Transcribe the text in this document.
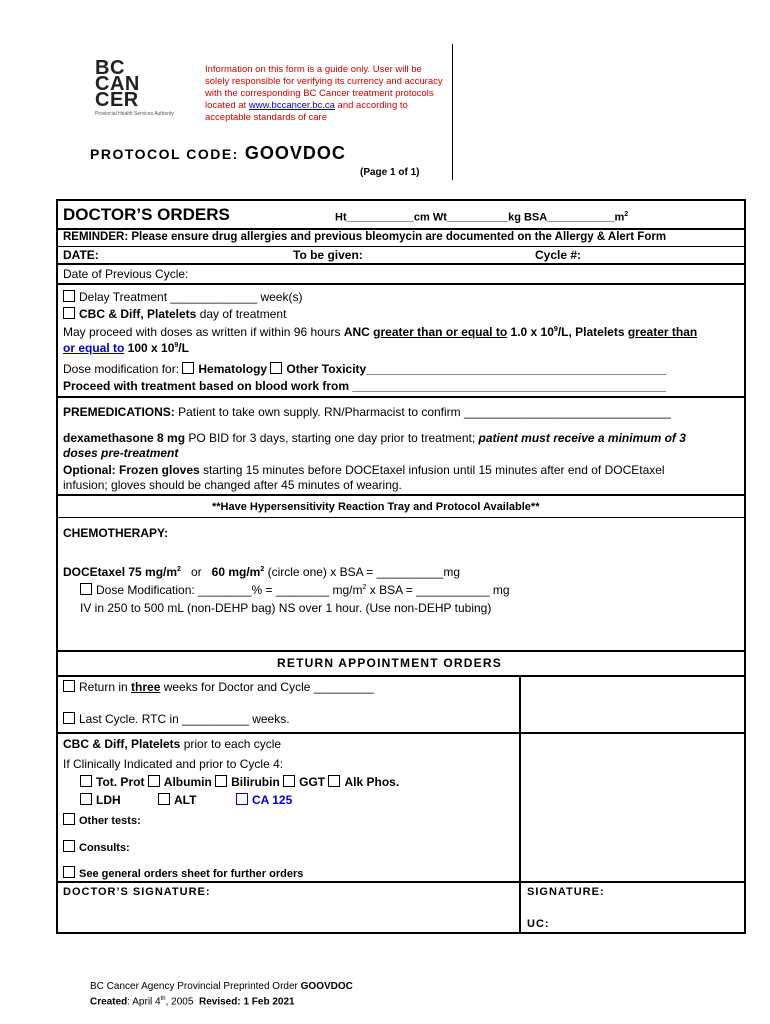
BC
CAN
CER
Provincial Health Services Authority
Information on this form is a guide only. User will be solely responsible for verifying its currency and accuracy with the corresponding BC Cancer treatment protocols located at www.bccancer.bc.ca and according to acceptable standards of care
PROTOCOL CODE: GOOVDOC
(Page 1 of 1)
DOCTOR’S ORDERS	Ht___________cm Wt__________kg $BSA\_\_\_\_\_\_\_\_\_\_\_m^2$
REMINDER: Please ensure drug allergies and previous bleomycin are documented on the Allergy & Alert Form
DATE:	To be given:	Cycle #:
Date of Previous Cycle:
Delay Treatment _____________ week(s)
CBC & Diff, Platelets day of treatment
May proceed with doses as written if within 96 hours ANC greater than or equal to 1.0 x $10^9/L$, Platelets greater than
or equal to 100 x $10^9/L$
Dose modification for: Hematology Other Toxicity_____________________________________________
Proceed with treatment based on blood work from _______________________________________________
PREMEDICATIONS: Patient to take own supply. RN/Pharmacist to confirm _______________________________
dexamethasone 8 mg PO BID for 3 days, starting one day prior to treatment; patient must receive a minimum of 3
doses pre-treatment
Optional: Frozen gloves starting 15 minutes before DOCEtaxel infusion until 15 minutes after end of DOCEtaxel
infusion; gloves should be changed after 45 minutes of wearing.
**Have Hypersensitivity Reaction Tray and Protocol Available**
CHEMOTHERAPY:
DOCEtaxel 75 $mg/m^2$   or   60 $mg/m^2$ (circle one) x BSA = __________mg
Dose Modification: ________% = ________ $mg/m^2$ x BSA = ___________ mg
IV in 250 to 500 mL (non-DEHP bag) NS over 1 hour. (Use non-DEHP tubing)
RETURN APPOINTMENT ORDERS
Return in three weeks for Doctor and Cycle _________
Last Cycle. RTC in __________ weeks.
CBC & Diff, Platelets prior to each cycle
If Clinically Indicated and prior to Cycle 4:
Tot. Prot Albumin Bilirubin GGT Alk Phos.
LDH	ALT	CA 125
Other tests:
Consults:
See general orders sheet for further orders
DOCTOR’S SIGNATURE:	SIGNATURE:
UC:
BC Cancer Agency Provincial Preprinted Order GOOVDOC
Created: April 4th, 2005  Revised: 1 Feb 2021
